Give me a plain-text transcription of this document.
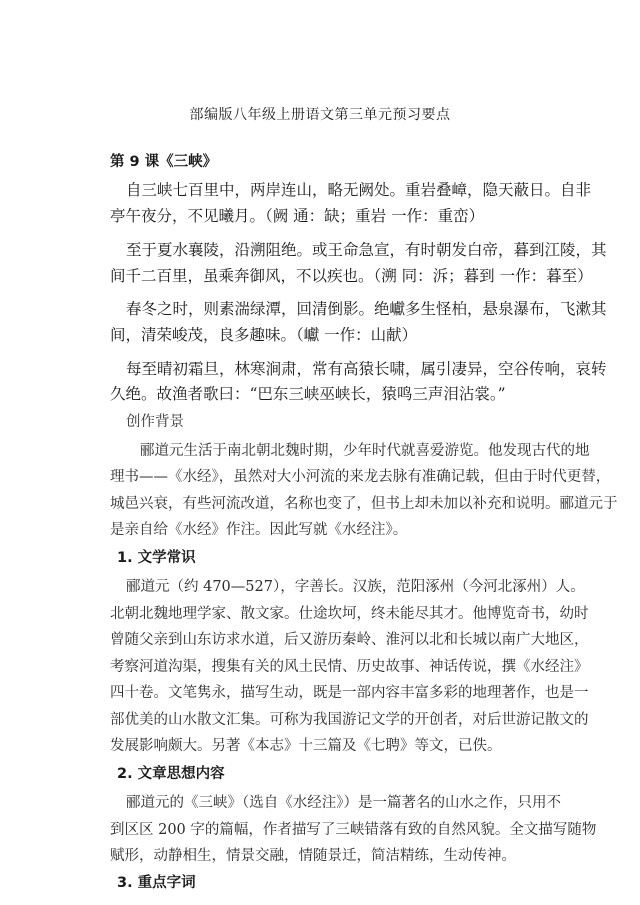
部编版八年级上册语文第三单元预习要点
第 9 课《三峡》
自三峡七百里中，两岸连山，略无阙处。重岩叠嶂，隐天蔽日。自非
亭午夜分，不见曦月。（阙 通：缺；重岩 一作：重峦）
至于夏水襄陵，沿溯阻绝。或王命急宣，有时朝发白帝，暮到江陵，其
间千二百里，虽乘奔御风，不以疾也。（溯 同：泝；暮到 一作：暮至）
春冬之时，则素湍绿潭，回清倒影。绝巘多生怪柏，悬泉瀑布，飞漱其
间，清荣峻茂，良多趣味。（巘 一作：山献）
每至晴初霜旦，林寒涧肃，常有高猿长啸，属引凄异，空谷传响，哀转
久绝。故渔者歌曰：“巴东三峡巫峡长，猿鸣三声泪沾裳。”
创作背景
郦道元生活于南北朝北魏时期，少年时代就喜爱游览。他发现古代的地
理书——《水经》，虽然对大小河流的来龙去脉有准确记载，但由于时代更替，
城邑兴衰，有些河流改道，名称也变了，但书上却未加以补充和说明。郦道元于
是亲自给《水经》作注。因此写就《水经注》。
1. 文学常识
郦道元（约 470—527），字善长。汉族，范阳涿州（今河北涿州）人。
北朝北魏地理学家、散文家。仕途坎坷，终未能尽其才。他博览奇书，幼时
曾随父亲到山东访求水道，后又游历秦岭、淮河以北和长城以南广大地区，
考察河道沟渠，搜集有关的风土民情、历史故事、神话传说，撰《水经注》
四十卷。文笔隽永，描写生动，既是一部内容丰富多彩的地理著作，也是一
部优美的山水散文汇集。可称为我国游记文学的开创者，对后世游记散文的
发展影响颇大。另著《本志》十三篇及《七聘》等文，已佚。
2. 文章思想内容
郦道元的《三峡》（选自《水经注》）是一篇著名的山水之作，只用不
到区区 200 字的篇幅，作者描写了三峡错落有致的自然风貌。全文描写随物
赋形，动静相生，情景交融，情随景迁，简洁精练，生动传神。
3. 重点字词
